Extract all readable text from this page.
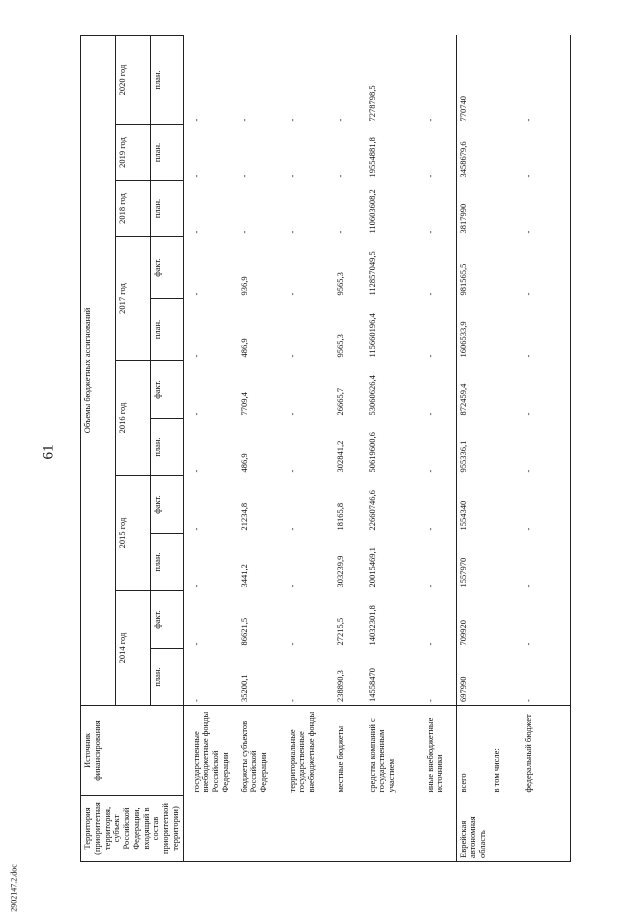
61
2902147.2.doc
Территория (приоритетная территория, субъект Российской Федерации, входящий в состав приоритетной территории)	Источник финансирования	Объемы бюджетных ассигнований										
		2014 год		2015 год		2016 год		2017 год		2018 год	2019 год	2020 год
		план.	факт.	план.	факт.	план.	факт.	план.	факт.	план.	план.	план.
	государственные внебюджетные фонды Российской Федерации	-	-	-	-	-	-	-	-	-	-	-
	бюджеты субъектов Российской Федерации	35200,1	86621,5	3441,2	21234,8	486,9	7709,4	486,9	936,9	-	-	-
	территориальные государственные внебюджетные фонды	-	-	-	-	-	-	-	-	-	-	-
	местные бюджеты	238890,3	27215,5	303239,9	18165,8	302841,2	26665,7	9565,3	9565,3	-	-	-
	средства компаний с государственным участием	14558470	14032301,8	20015469,1	22660746,6	50619600,6	53060626,4	115660196,4	112857049,5	110603608,2	19554881,8	7278798,5
	иные внебюджетные источники	-	-	-	-	-	-	-	-	-	-	-
Еврейская автономная область	всего	697990	709920	1557970	1554340	955336,1	872459,4	1606533,9	981565,5	3817990	3458679,6	770740
	в том числе:											
	федеральный бюджет	-	-	-	-	-	-	-	-	-	-	-
